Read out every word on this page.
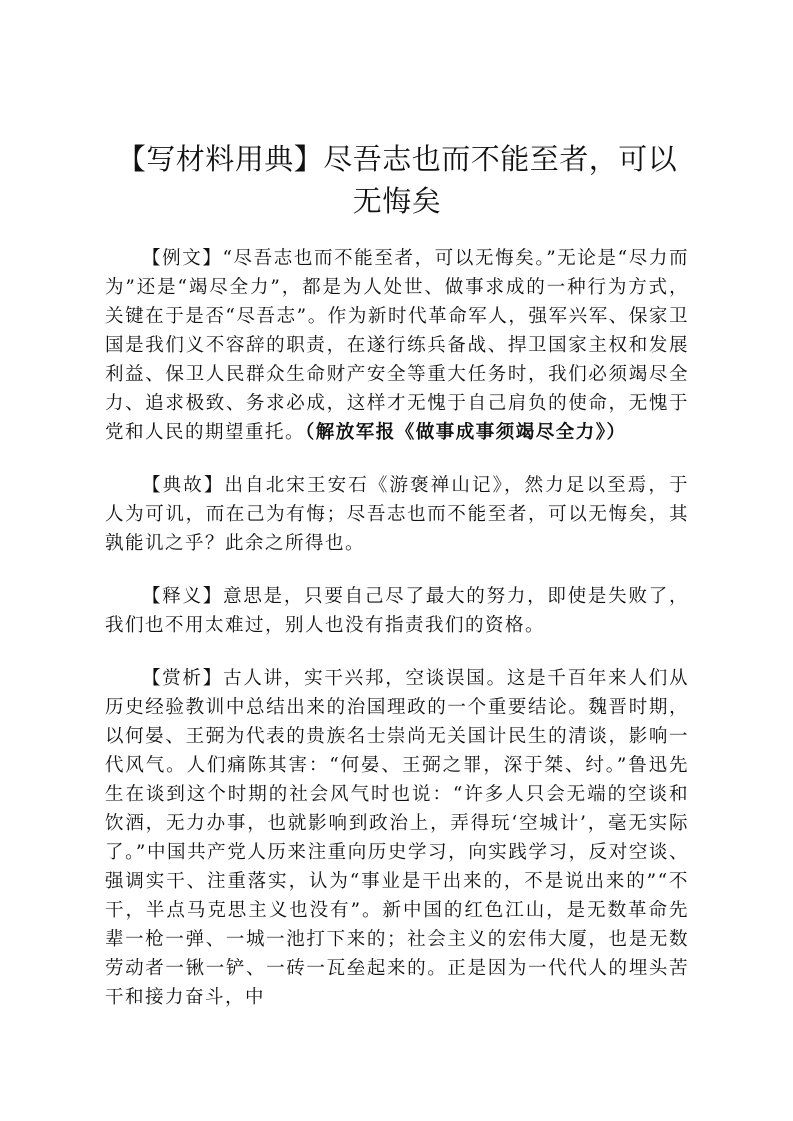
【写材料用典】尽吾志也而不能至者，可以无悔矣

【例文】“尽吾志也而不能至者，可以无悔矣。”无论是“尽力而为”还是“竭尽全力”，都是为人处世、做事求成的一种行为方式，关键在于是否“尽吾志”。作为新时代革命军人，强军兴军、保家卫国是我们义不容辞的职责，在遂行练兵备战、捍卫国家主权和发展利益、保卫人民群众生命财产安全等重大任务时，我们必须竭尽全力、追求极致、务求必成，这样才无愧于自己肩负的使命，无愧于党和人民的期望重托。（解放军报《做事成事须竭尽全力》）

【典故】出自北宋王安石《游褒禅山记》，然力足以至焉，于人为可讥，而在己为有悔；尽吾志也而不能至者，可以无悔矣，其孰能讥之乎？此余之所得也。

【释义】意思是，只要自己尽了最大的努力，即使是失败了，我们也不用太难过，别人也没有指责我们的资格。

【赏析】古人讲，实干兴邦，空谈误国。这是千百年来人们从历史经验教训中总结出来的治国理政的一个重要结论。魏晋时期，以何晏、王弼为代表的贵族名士崇尚无关国计民生的清谈，影响一代风气。人们痛陈其害：“何晏、王弼之罪，深于桀、纣。”鲁迅先生在谈到这个时期的社会风气时也说：“许多人只会无端的空谈和饮酒，无力办事，也就影响到政治上，弄得玩‘空城计’，毫无实际了。”中国共产党人历来注重向历史学习，向实践学习，反对空谈、强调实干、注重落实，认为“事业是干出来的，不是说出来的”“不干，半点马克思主义也没有”。新中国的红色江山，是无数革命先辈一枪一弹、一城一池打下来的；社会主义的宏伟大厦，也是无数劳动者一锹一铲、一砖一瓦垒起来的。正是因为一代代人的埋头苦干和接力奋斗，中
